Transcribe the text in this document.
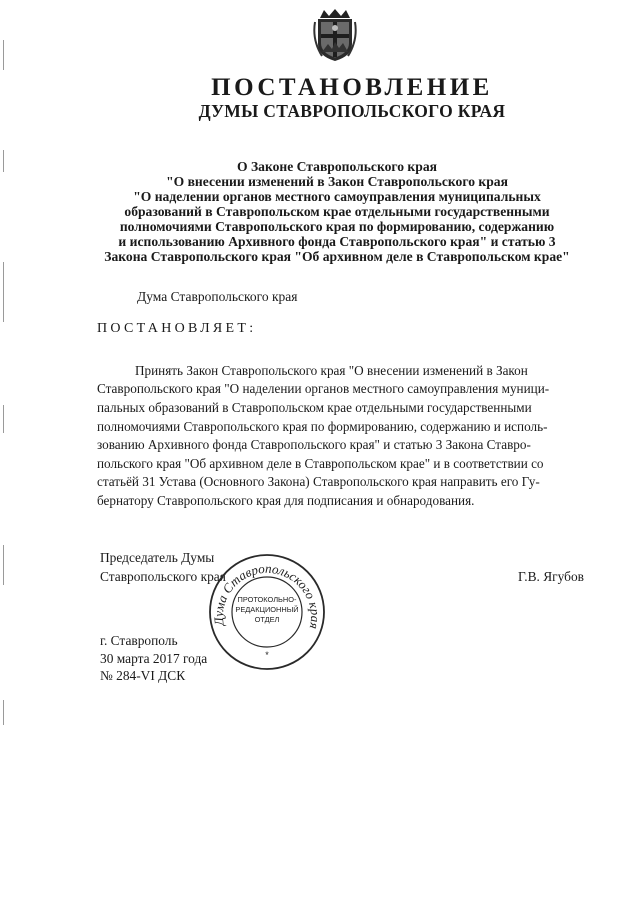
ПОСТАНОВЛЕНИЕ
ДУМЫ СТАВРОПОЛЬСКОГО КРАЯ
О Законе Ставропольского края
"О внесении изменений в Закон Ставропольского края
"О наделении органов местного самоуправления муниципальных
образований в Ставропольском крае отдельными государственными
полномочиями Ставропольского края по формированию, содержанию
и использованию Архивного фонда Ставропольского края" и статью 3
Закона Ставропольского края "Об архивном деле в Ставропольском крае"
Дума Ставропольского края
ПОСТАНОВЛЯЕТ:
Принять Закон Ставропольского края "О внесении изменений в Закон
Ставропольского края "О наделении органов местного самоуправления муници-
пальных образований в Ставропольском крае отдельными государственными
полномочиями Ставропольского края по формированию, содержанию и исполь-
зованию Архивного фонда Ставропольского края" и статью 3 Закона Ставро-
польского края "Об архивном деле в Ставропольском крае" и в соответствии со
статьёй 31 Устава (Основного Закона) Ставропольского края направить его Гу-
бернатору Ставропольского края для подписания и обнародования.
Председатель Думы
Ставропольского края	Г.В. Ягубов
Дума Ставропольского края
ПРОТОКОЛЬНО-
РЕДАКЦИОННЫЙ
ОТДЕЛ
*
г. Ставрополь
30 марта 2017 года
№ 284-VI ДСК
